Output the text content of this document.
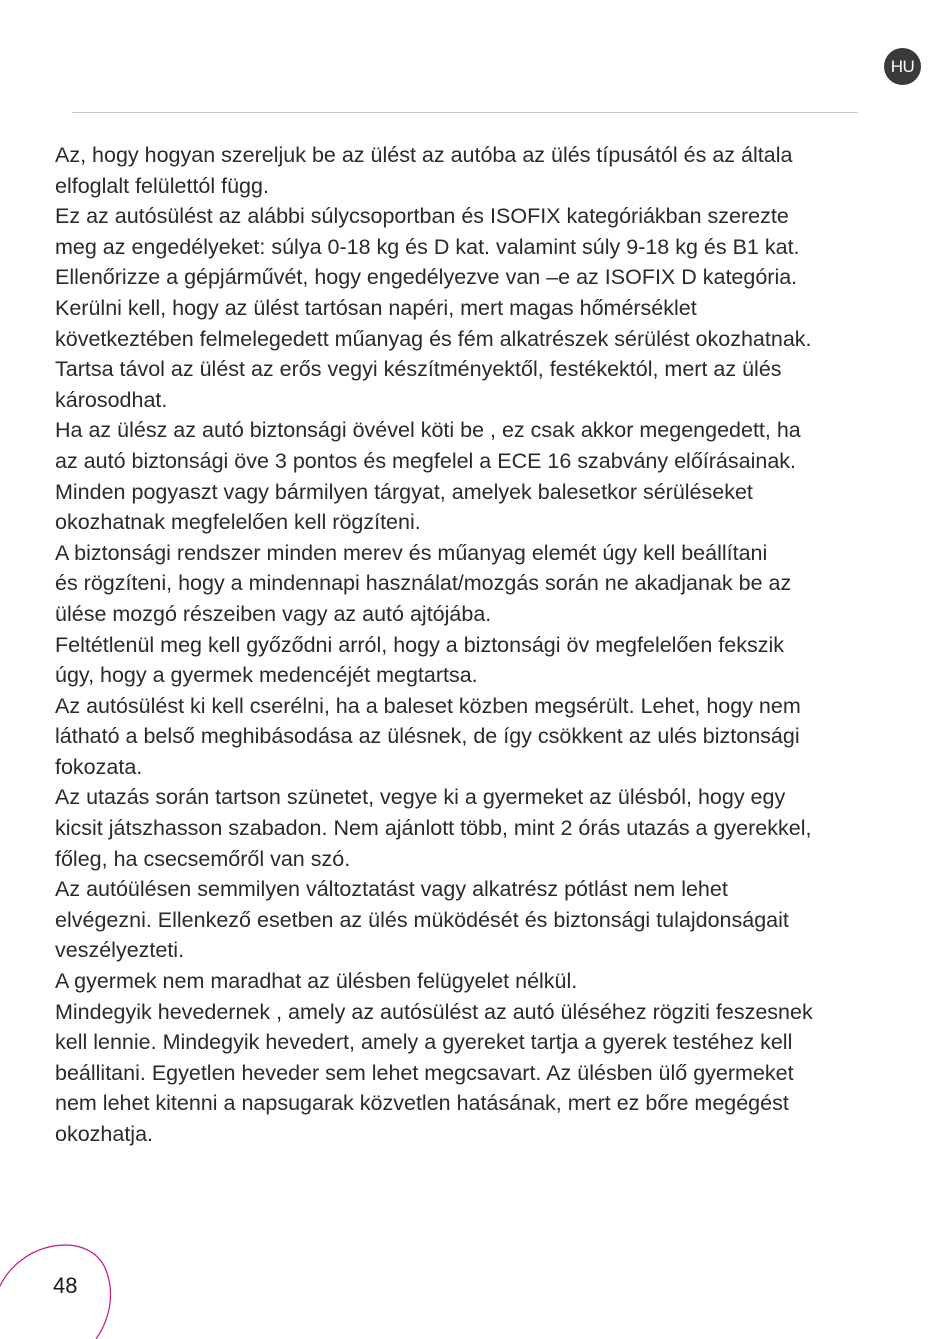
HU
Az, hogy hogyan szereljuk be az ülést az autóba az ülés típusától és az általa
elfoglalt felülettól függ.
Ez az autósülést az alábbi súlycsoportban és ISOFIX kategóriákban szerezte
meg az engedélyeket: súlya 0-18 kg és D kat. valamint súly 9-18 kg és B1 kat.
Ellenőrizze a gépjárművét, hogy engedélyezve van –e az ISOFIX D kategória.
Kerülni kell, hogy az ülést tartósan napéri, mert magas hőmérséklet
következtében felmelegedett műanyag és fém alkatrészek sérülést okozhatnak.
Tartsa távol az ülést az erős vegyi készítményektől, festékektól, mert az ülés
károsodhat.
Ha az ülész az autó biztonsági övével köti be , ez csak akkor megengedett, ha
az autó biztonsági öve 3 pontos és megfelel a ECE 16 szabvány előírásainak.
Minden pogyaszt vagy bármilyen tárgyat, amelyek balesetkor sérüléseket
okozhatnak megfelelően kell rögzíteni.
A biztonsági rendszer minden merev és műanyag elemét úgy kell beállítani
és rögzíteni, hogy a mindennapi használat/mozgás során ne akadjanak be az
ülése mozgó részeiben vagy az autó ajtójába.
Feltétlenül meg kell győződni arról, hogy a biztonsági öv megfelelően fekszik
úgy, hogy a gyermek medencéjét megtartsa.
Az autósülést ki kell cserélni, ha a baleset közben megsérült. Lehet, hogy nem
látható a belső meghibásodása az ülésnek, de így csökkent az ulés biztonsági
fokozata.
Az utazás során tartson szünetet, vegye ki a gyermeket az ülésból, hogy egy
kicsit játszhasson szabadon. Nem ajánlott több, mint 2 órás utazás a gyerekkel,
főleg, ha csecsemőről van szó.
Az autóülésen semmilyen változtatást vagy alkatrész pótlást nem lehet
elvégezni. Ellenkező esetben az ülés müködését és biztonsági tulajdonságait
veszélyezteti.
A gyermek nem maradhat az ülésben felügyelet nélkül.
Mindegyik hevedernek , amely az autósülést az autó üléséhez rögziti feszesnek
kell lennie. Mindegyik hevedert, amely a gyereket tartja a gyerek testéhez kell
beállitani. Egyetlen heveder sem lehet megcsavart. Az ülésben ülő gyermeket
nem lehet kitenni a napsugarak közvetlen hatásának, mert ez bőre megégést
okozhatja.
48
